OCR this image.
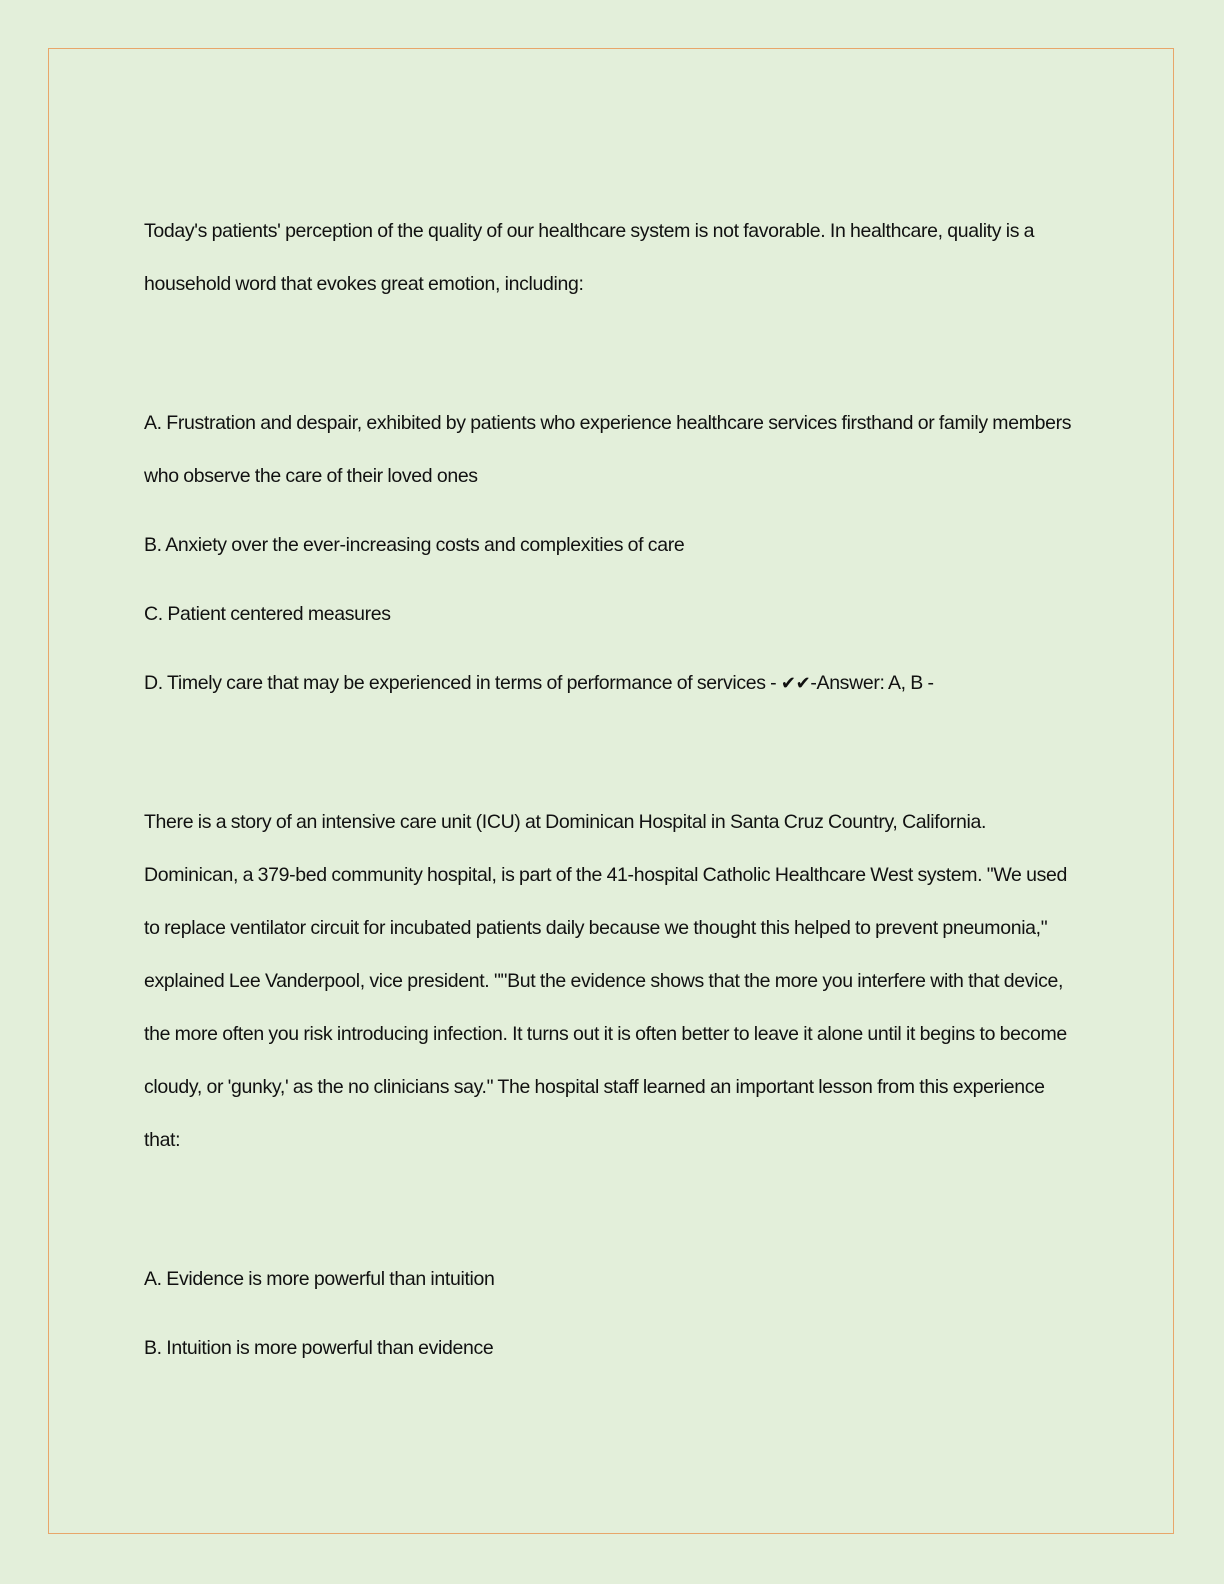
Today's patients' perception of the quality of our healthcare system is not favorable. In healthcare, quality is a household word that evokes great emotion, including:

A. Frustration and despair, exhibited by patients who experience healthcare services firsthand or family members who observe the care of their loved ones

B. Anxiety over the ever-increasing costs and complexities of care

C. Patient centered measures

D. Timely care that may be experienced in terms of performance of services - ✔✔-Answer: A, B -

There is a story of an intensive care unit (ICU) at Dominican Hospital in Santa Cruz Country, California. Dominican, a 379-bed community hospital, is part of the 41-hospital Catholic Healthcare West system. "We used to replace ventilator circuit for incubated patients daily because we thought this helped to prevent pneumonia," explained Lee Vanderpool, vice president. ""But the evidence shows that the more you interfere with that device, the more often you risk introducing infection. It turns out it is often better to leave it alone until it begins to become cloudy, or 'gunky,' as the no clinicians say." The hospital staff learned an important lesson from this experience that:

A. Evidence is more powerful than intuition

B. Intuition is more powerful than evidence
